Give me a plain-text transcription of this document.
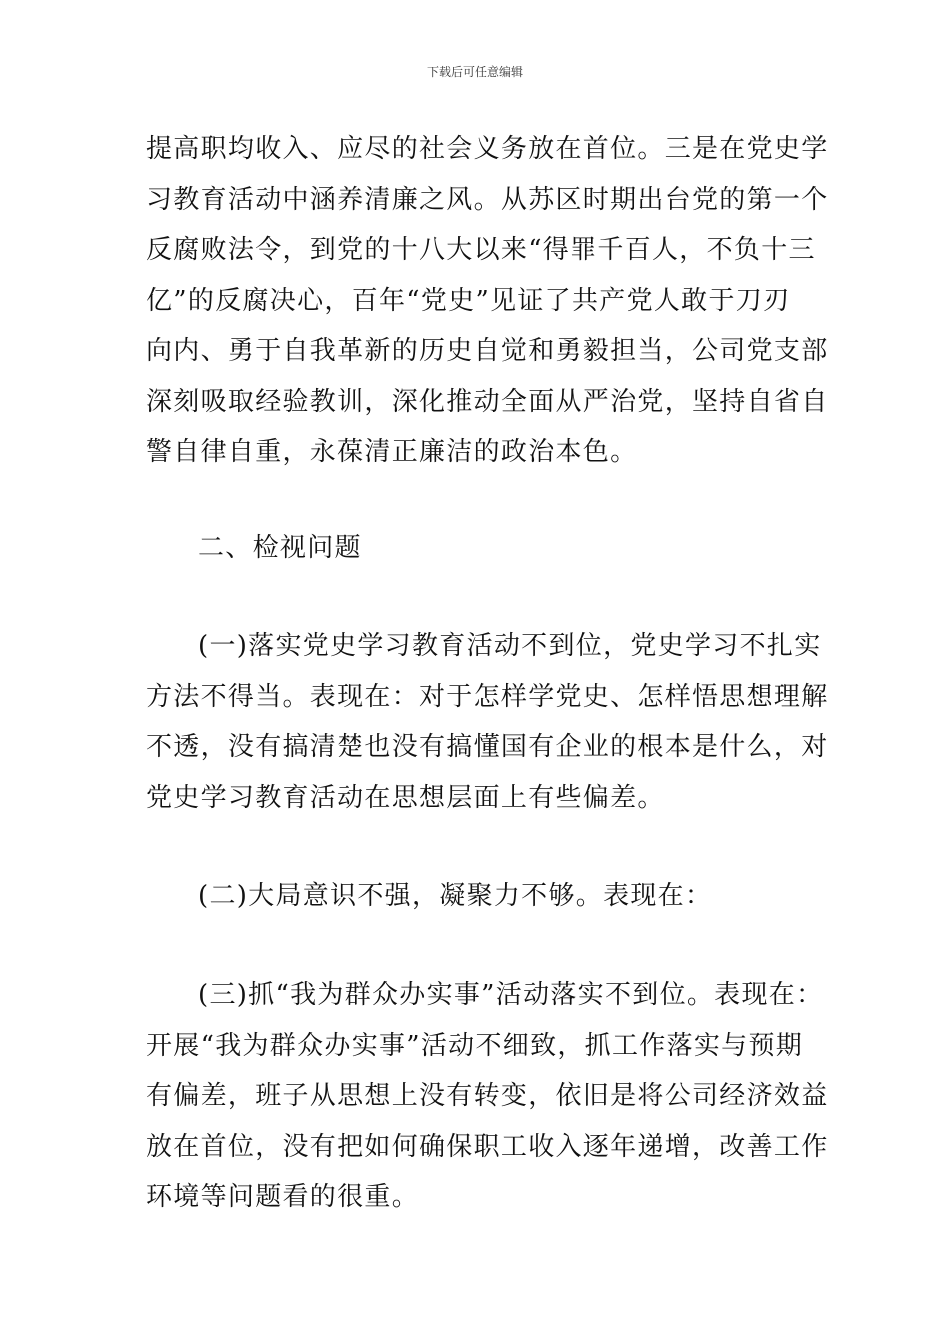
下载后可任意编辑
提高职均收入、应尽的社会义务放在首位。三是在党史学
习教育活动中涵养清廉之风。从苏区时期出台党的第一个
反腐败法令，到党的十八大以来“得罪千百人，不负十三
亿”的反腐决心，百年“党史”见证了共产党人敢于刀刃
向内、勇于自我革新的历史自觉和勇毅担当，公司党支部
深刻吸取经验教训，深化推动全面从严治党，坚持自省自
警自律自重，永葆清正廉洁的政治本色。
二、检视问题
(一)落实党史学习教育活动不到位，党史学习不扎实
方法不得当。表现在：对于怎样学党史、怎样悟思想理解
不透，没有搞清楚也没有搞懂国有企业的根本是什么，对
党史学习教育活动在思想层面上有些偏差。
(二)大局意识不强，凝聚力不够。表现在：
(三)抓“我为群众办实事”活动落实不到位。表现在：
开展“我为群众办实事”活动不细致，抓工作落实与预期
有偏差，班子从思想上没有转变，依旧是将公司经济效益
放在首位，没有把如何确保职工收入逐年递增，改善工作
环境等问题看的很重。
